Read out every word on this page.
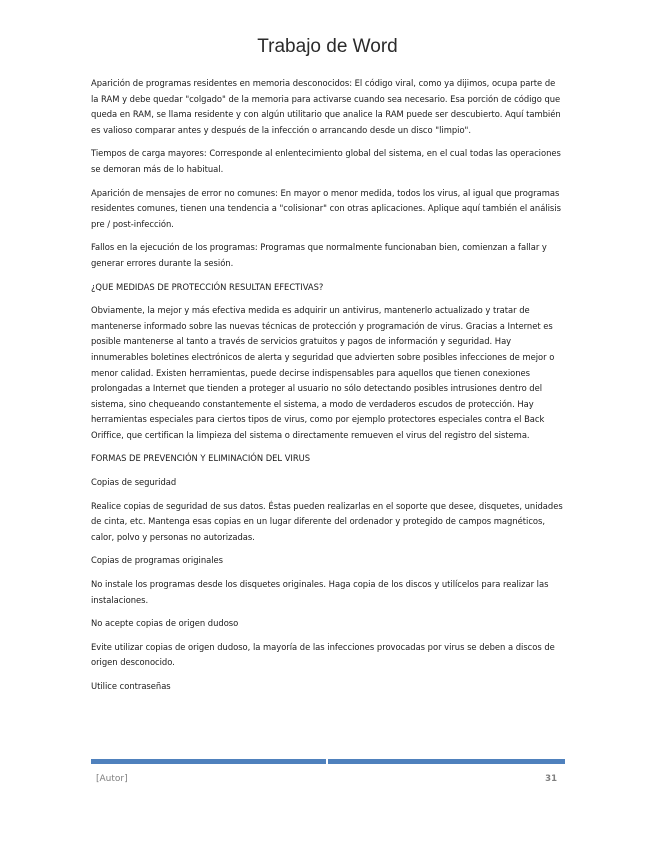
Trabajo de Word

Aparición de programas residentes en memoria desconocidos: El código viral, como ya dijimos, ocupa parte de la RAM y debe quedar "colgado" de la memoria para activarse cuando sea necesario. Esa porción de código que queda en RAM, se llama residente y con algún utilitario que analice la RAM puede ser descubierto. Aquí también es valioso comparar antes y después de la infección o arrancando desde un disco "limpio".

Tiempos de carga mayores: Corresponde al enlentecimiento global del sistema, en el cual todas las operaciones se demoran más de lo habitual.

Aparición de mensajes de error no comunes: En mayor o menor medida, todos los virus, al igual que programas residentes comunes, tienen una tendencia a "colisionar" con otras aplicaciones. Aplique aquí también el análisis pre / post-infección.

Fallos en la ejecución de los programas: Programas que normalmente funcionaban bien, comienzan a fallar y generar errores durante la sesión.

¿QUE MEDIDAS DE PROTECCIÓN RESULTAN EFECTIVAS?

Obviamente, la mejor y más efectiva medida es adquirir un antivirus, mantenerlo actualizado y tratar de mantenerse informado sobre las nuevas técnicas de protección y programación de virus. Gracias a Internet es posible mantenerse al tanto a través de servicios gratuitos y pagos de información y seguridad. Hay innumerables boletines electrónicos de alerta y seguridad que advierten sobre posibles infecciones de mejor o menor calidad. Existen herramientas, puede decirse indispensables para aquellos que tienen conexiones prolongadas a Internet que tienden a proteger al usuario no sólo detectando posibles intrusiones dentro del sistema, sino chequeando constantemente el sistema, a modo de verdaderos escudos de protección. Hay herramientas especiales para ciertos tipos de virus, como por ejemplo protectores especiales contra el Back Oriffice, que certifican la limpieza del sistema o directamente remueven el virus del registro del sistema.

FORMAS DE PREVENCIÓN Y ELIMINACIÓN DEL VIRUS

Copias de seguridad

Realice copias de seguridad de sus datos. Éstas pueden realizarlas en el soporte que desee, disquetes, unidades de cinta, etc. Mantenga esas copias en un lugar diferente del ordenador y protegido de campos magnéticos, calor, polvo y personas no autorizadas.

Copias de programas originales

No instale los programas desde los disquetes originales. Haga copia de los discos y utilícelos para realizar las instalaciones.

No acepte copias de origen dudoso

Evite utilizar copias de origen dudoso, la mayoría de las infecciones provocadas por virus se deben a discos de origen desconocido.

Utilice contraseñas

[Autor]	31
